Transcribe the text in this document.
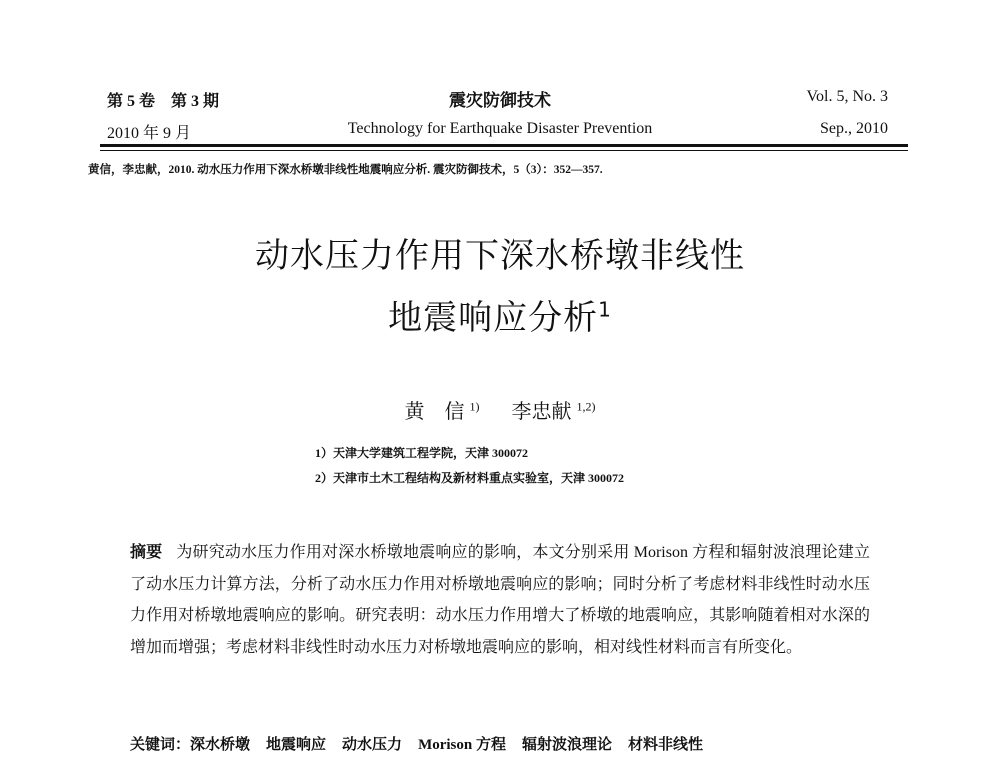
第 5 卷　第 3 期	震灾防御技术	Vol. 5, No. 3
2010 年 9 月	Technology for Earthquake Disaster Prevention	Sep., 2010
黄信，李忠献，2010. 动水压力作用下深水桥墩非线性地震响应分析. 震灾防御技术，5（3）：352—357.
动水压力作用下深水桥墩非线性
地震响应分析$^1$
黄　信 $^{1)}$ 李忠献 $^{1,2)}$
1）天津大学建筑工程学院，天津 300072
2）天津市土木工程结构及新材料重点实验室，天津 300072
摘要 为研究动水压力作用对深水桥墩地震响应的影响，本文分别采用 Morison 方程和辐射波浪理论建立了动水压力计算方法，分析了动水压力作用对桥墩地震响应的影响；同时分析了考虑材料非线性时动水压力作用对桥墩地震响应的影响。研究表明：动水压力作用增大了桥墩的地震响应，其影响随着相对水深的增加而增强；考虑材料非线性时动水压力对桥墩地震响应的影响，相对线性材料而言有所变化。
关键词：深水桥墩 地震响应 动水压力 Morison 方程 辐射波浪理论 材料非线性
